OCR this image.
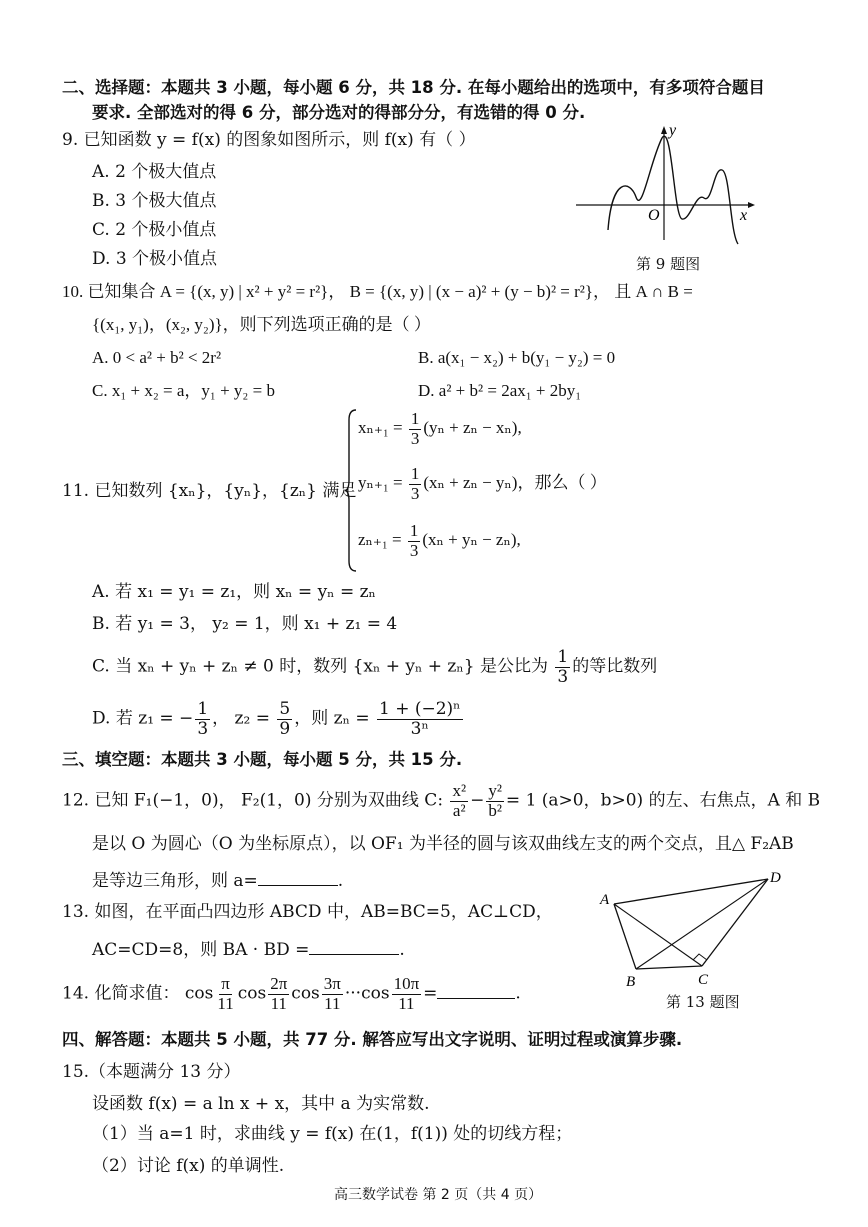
二、选择题：本题共 3 小题，每小题 6 分，共 18 分. 在每小题给出的选项中，有多项符合题目
要求. 全部选对的得 6 分，部分选对的得部分分，有选错的得 0 分.
9. 已知函数 y = f(x) 的图象如图所示，则 f(x) 有（ ）
A. 2 个极大值点
B. 3 个极大值点
C. 2 个极小值点
D. 3 个极小值点
y
x
O
第 9 题图
10. 已知集合 A = {(x, y) | x² + y² = r²}， B = {(x, y) | (x − a)² + (y − b)² = r²}， 且 A ∩ B =
{(x₁, y₁)，(x₂, y₂)}，则下列选项正确的是（ ）
A. 0 < a² + b² < 2r²	B. a(x₁ − x₂) + b(y₁ − y₂) = 0
C. x₁ + x₂ = a，y₁ + y₂ = b	D. a² + b² = 2ax₁ + 2by₁
11. 已知数列 {xₙ}，{yₙ}，{zₙ} 满足
$x_{n+1} = \frac{1}{3} (y_n + z_n - x_n)$,
$y_{n+1} = \frac{1}{3} (x_n + z_n - y_n)$，那么（ ）
$z_{n+1} = \frac{1}{3} (x_n + y_n - z_n)$,
A. 若 x₁ = y₁ = z₁，则 xₙ = yₙ = zₙ
B. 若 y₁ = 3， y₂ = 1，则 x₁ + z₁ = 4
C. 当 xₙ + yₙ + zₙ ≠ 0 时，数列 {xₙ + yₙ + zₙ} 是公比为 $\frac{1}{3}$ 的等比数列
D. 若 z₁ = − $\frac{1}{3}$ ， $z_2 = \frac{5}{9}$ ，则 $z_n = \frac{\text{1 + (−2)ⁿ}}{\text{3ⁿ}}$
三、填空题：本题共 3 小题，每小题 5 分，共 15 分.
12. 已知 F₁(−1，0)， F₂(1，0) 分别为双曲线 C: $\frac{\text{x²}}{\text{a²}} - \frac{\text{y²}}{\text{b²}} = 1$ (a>0，b>0) 的左、右焦点，A 和 B
是以 O 为圆心（O 为坐标原点），以 OF₁ 为半径的圆与该双曲线左支的两个交点，且△ F₂AB
是等边三角形，则 a=	.
13. 如图，在平面凸四边形 ABCD 中，AB=BC=5，AC⊥CD，
AC=CD=8，则 BA · BD =	.
A
B	C
D
第 13 题图
14. 化简求值： $\cos \frac{\pi}{11}$ $\cos \frac{2\pi}{11}$ $\cos \frac{3\pi}{11} \cdot\cdot\cdot\cos \frac{10\pi}{11}$ =	.
四、解答题：本题共 5 小题，共 77 分. 解答应写出文字说明、证明过程或演算步骤.
15.（本题满分 13 分）
设函数 f(x) = a ln x + x，其中 a 为实常数.
（1）当 a=1 时，求曲线 y = f(x) 在(1，f(1)) 处的切线方程；
（2）讨论 f(x) 的单调性.
高三数学试卷 第 2 页（共 4 页）
